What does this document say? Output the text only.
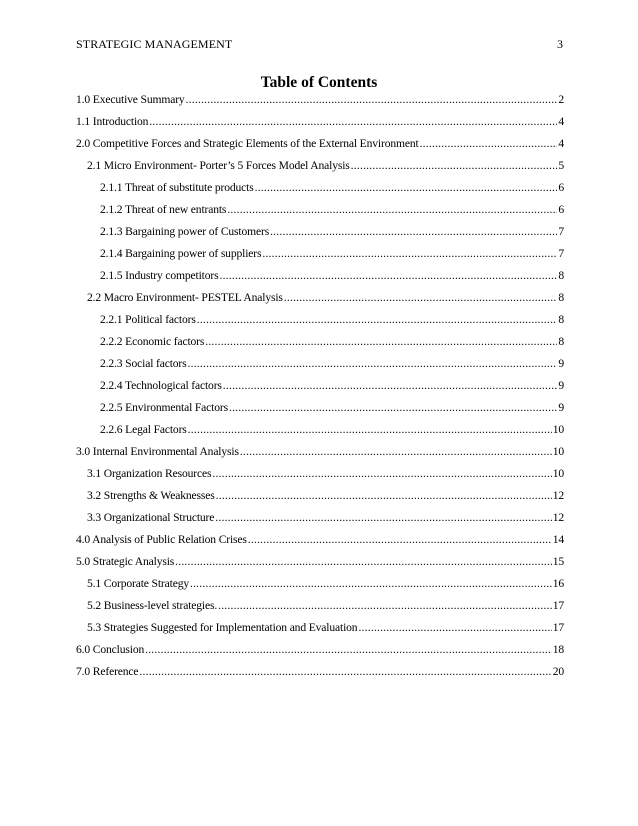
STRATEGIC MANAGEMENT	3
Table of Contents
1.0 Executive Summary .....	2
1.1 Introduction .....	4
2.0 Competitive Forces and Strategic Elements of the External Environment .....	4
2.1 Micro Environment- Porter’s 5 Forces Model Analysis .....	5
2.1.1 Threat of substitute products .....	6
2.1.2 Threat of new entrants .....	6
2.1.3 Bargaining power of Customers .....	7
2.1.4 Bargaining power of suppliers .....	7
2.1.5 Industry competitors .....	8
2.2 Macro Environment- PESTEL Analysis .....	8
2.2.1 Political factors .....	8
2.2.2 Economic factors .....	8
2.2.3 Social factors .....	9
2.2.4 Technological factors .....	9
2.2.5 Environmental Factors .....	9
2.2.6 Legal Factors .....	10
3.0 Internal Environmental Analysis .....	10
3.1 Organization Resources .....	10
3.2 Strengths & Weaknesses .....	12
3.3 Organizational Structure .....	12
4.0 Analysis of Public Relation Crises .....	14
5.0 Strategic Analysis .....	15
5.1 Corporate Strategy .....	16
5.2 Business-level strategies. .....	17
5.3 Strategies Suggested for Implementation and Evaluation .....	17
6.0 Conclusion .....	18
7.0 Reference .....	20
